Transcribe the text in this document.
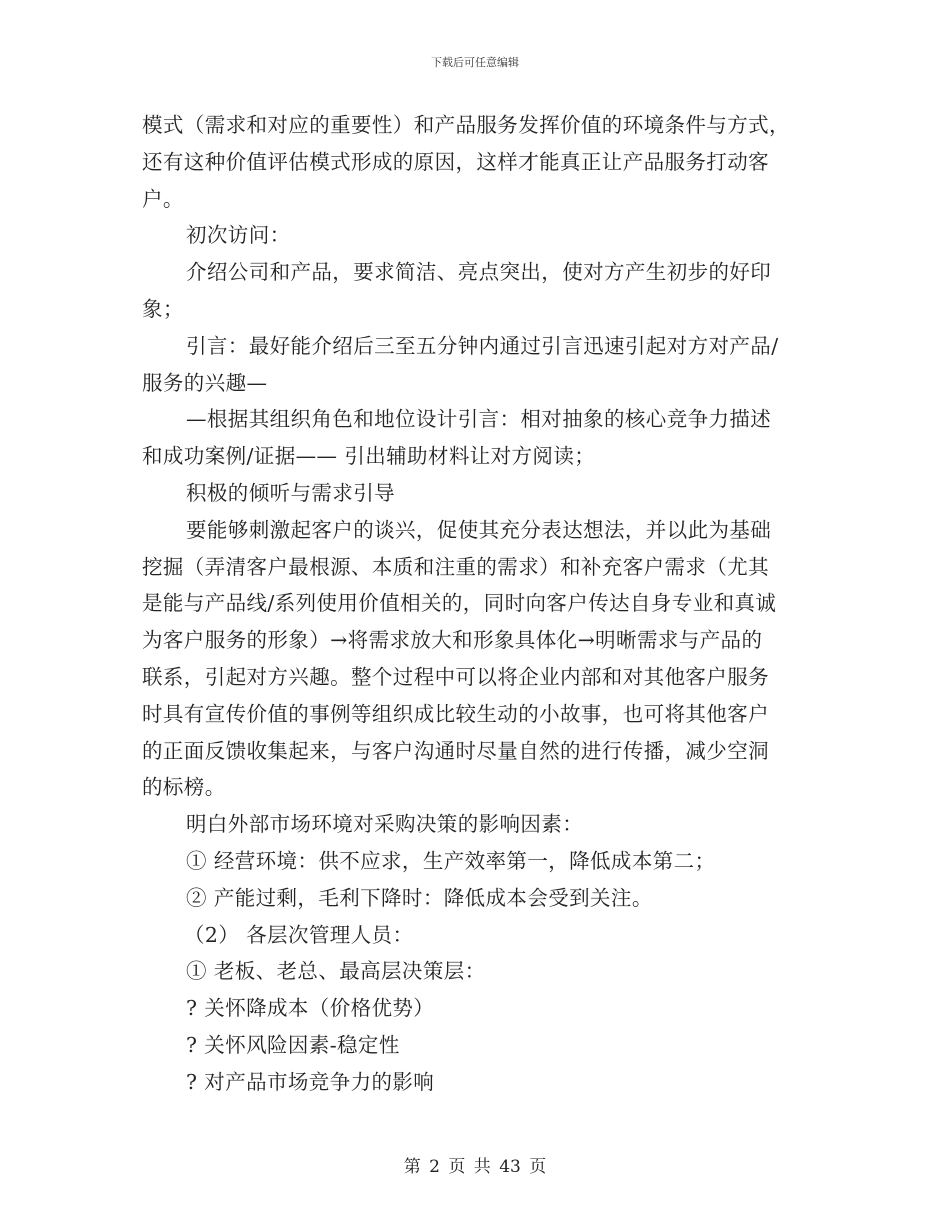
下载后可任意编辑
模式（需求和对应的重要性）和产品服务发挥价值的环境条件与方式，
还有这种价值评估模式形成的原因，这样才能真正让产品服务打动客
户。
初次访问：
介绍公司和产品，要求简洁、亮点突出，使对方产生初步的好印
象；
引言：最好能介绍后三至五分钟内通过引言迅速引起对方对产品/
服务的兴趣—
—根据其组织角色和地位设计引言：相对抽象的核心竞争力描述
和成功案例/证据—— 引出辅助材料让对方阅读；
积极的倾听与需求引导
要能够刺激起客户的谈兴，促使其充分表达想法，并以此为基础
挖掘（弄清客户最根源、本质和注重的需求）和补充客户需求（尤其
是能与产品线/系列使用价值相关的，同时向客户传达自身专业和真诚
为客户服务的形象）→将需求放大和形象具体化→明晰需求与产品的
联系，引起对方兴趣。整个过程中可以将企业内部和对其他客户服务
时具有宣传价值的事例等组织成比较生动的小故事，也可将其他客户
的正面反馈收集起来，与客户沟通时尽量自然的进行传播，减少空洞
的标榜。
明白外部市场环境对采购决策的影响因素：
① 经营环境：供不应求，生产效率第一，降低成本第二；
② 产能过剩，毛利下降时：降低成本会受到关注。
（2） 各层次管理人员：
① 老板、老总、最高层决策层：
? 关怀降成本（价格优势）
? 关怀风险因素-稳定性
? 对产品市场竞争力的影响
第 2 页 共 43 页
